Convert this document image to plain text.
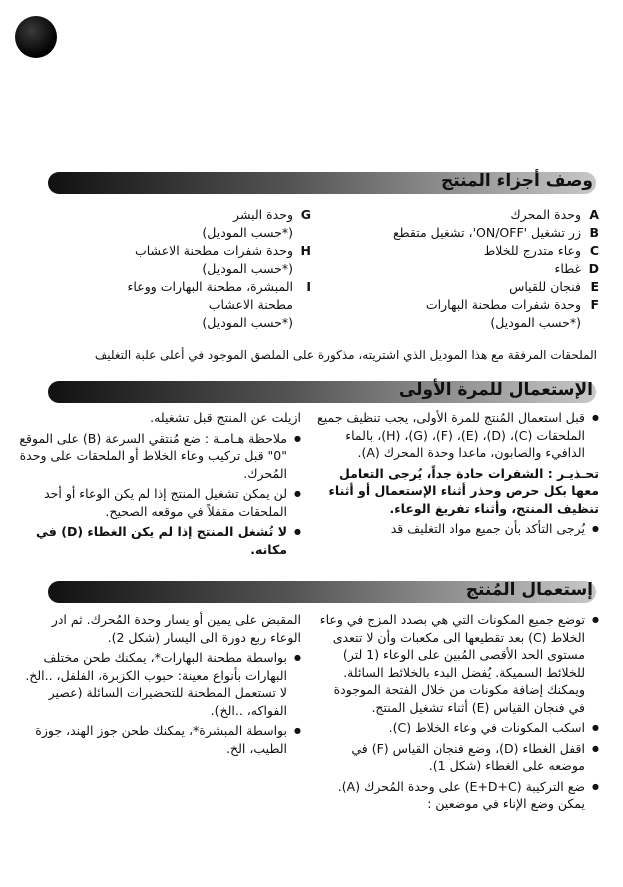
وصف أجزاء المنتج
A
وحدة المحرك
B
زر تشغيل 'ON/OFF'، تشغيل متقطع
C
وعاء متدرج للخلاط
D
غطاء
E
فنجان للقياس
F
وحدة شفرات مطحنة البهارات
(*حسب الموديل)
G
وحدة البشر
(*حسب الموديل)
H
وحدة شفرات مطحنة الاعشاب
(*حسب الموديل)
I
المبشرة، مطحنة البهارات ووعاء
مطحنة الاعشاب
(*حسب الموديل)
الملحقات المرفقة مع هذا الموديل الذي اشتريته، مذكورة على الملصق الموجود في أعلى علبة التغليف
الإستعمال للمرة الأولى
● قبل استعمال المُنتج للمرة الأولى، يجب تنظيف جميع الملحقات (C)، (D)، (E)، (F)، (G)، (H)، بالماء الدافيء والصابون، ماعدا وحدة المحرك (A).
تحـذيـر : الشفرات حادة جداً، يُرجى التعامل معها بكل حرص وحذر أثناء الإستعمال أو أثناء تنظيف المنتج، وأثناء تفريغ الوعاء.
● يُرجى التأكد بأن جميع مواد التغليف قد
ازيلت عن المنتج قبل تشغيله.
● ملاحظة هـامـة : ضع مُنتقي السرعة (B) على الموقع "0" قبل تركيب وعاء الخلاط أو الملحقات على وحدة المُحرك.
● لن يمكن تشغيل المنتج إذا لم يكن الوعاء أو أحد الملحقات مقفلاً في موقعه الصحيح.
● لا تُشغل المنتج إذا لم يكن الغطاء (D) في مكانه.
إستعمال المُنتج
● توضع جميع المكونات التي هي بصدد المزج في وعاء الخلاط (C) بعد تقطيعها الى مكعبات وأن لا تتعدى مستوى الحد الأقصى المُبين على الوعاء (1 لتر) للخلائط السميكة. يُفضل البدء بالخلائط السائلة. ويمكنك إضافة مكونات من خلال الفتحة الموجودة في فنجان القياس (E) أثناء تشغيل المنتج.
● اسكب المكونات في وعاء الخلاط (C).
● اقفل الغطاء (D)، وضع فنجان القياس (F) في موضعه على الغطاء (شكل 1).
● ضع التركيبة (E+D+C) على وحدة المُحرك (A). يمكن وضع الإناء في موضعين :
المقبض على يمين أو يسار وحدة المُحرك. ثم ادر الوعاء ربع دورة الى اليسار (شكل 2).
● بواسطة مطحنة البهارات*، يمكنك طحن مختلف البهارات بأنواع معينة: حبوب الكزبرة، الفلفل، ..الخ. لا تستعمل المطحنة للتحضيرات السائلة (عصير الفواكه، ..الخ).
● بواسطة المبشرة*، يمكنك طحن جوز الهند، جوزة الطيب، الخ.
